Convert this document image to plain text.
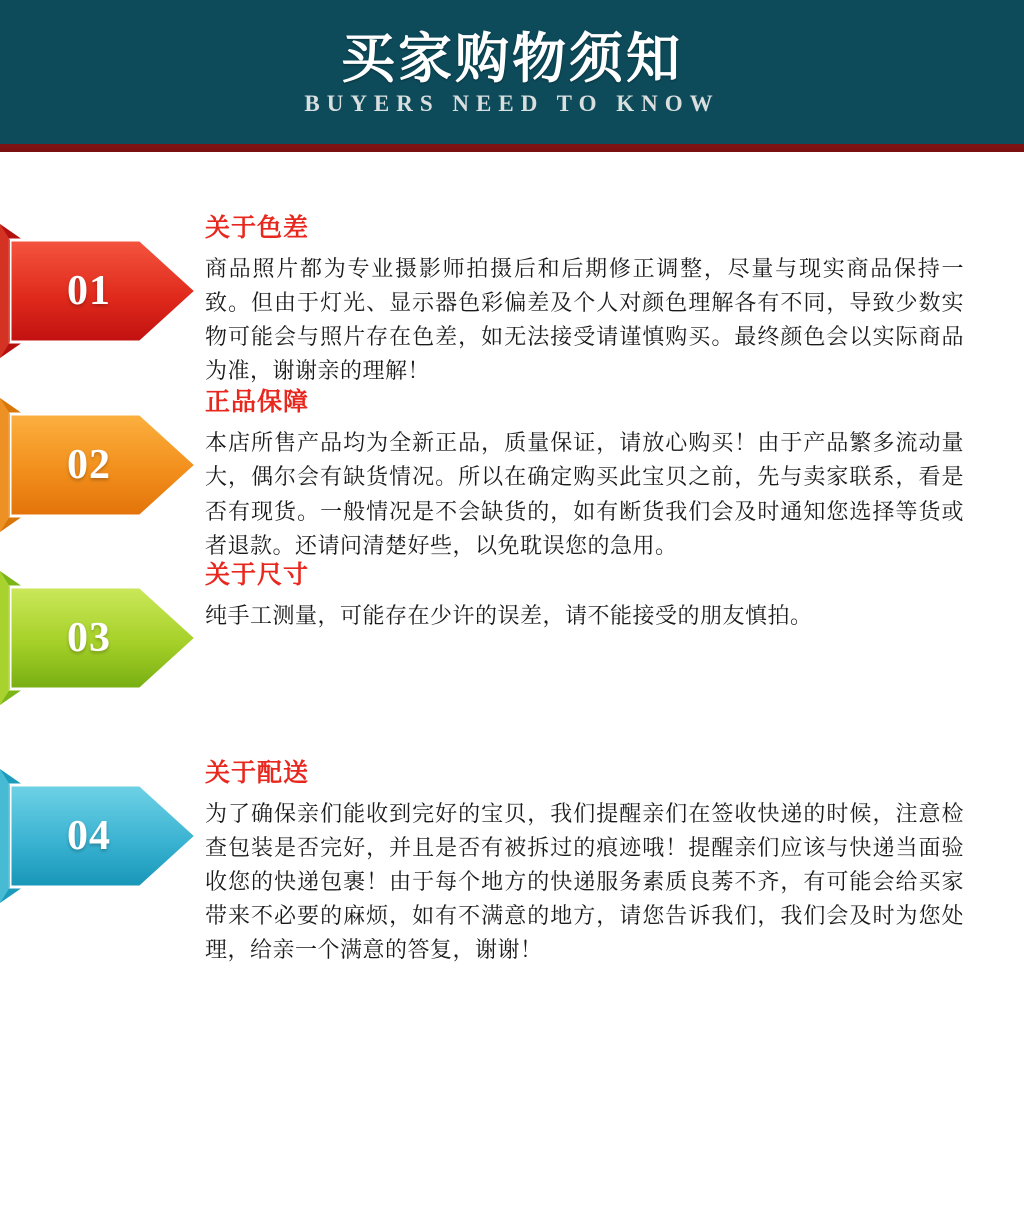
买家购物须知
BUYERS NEED TO KNOW
01
关于色差
商品照片都为专业摄影师拍摄后和后期修正调整，尽量与现实商品保持一致。但由于灯光、显示器色彩偏差及个人对颜色理解各有不同，导致少数实物可能会与照片存在色差，如无法接受请谨慎购买。最终颜色会以实际商品为准，谢谢亲的理解！
02
正品保障
本店所售产品均为全新正品，质量保证，请放心购买！由于产品繁多流动量大，偶尔会有缺货情况。所以在确定购买此宝贝之前，先与卖家联系，看是否有现货。一般情况是不会缺货的，如有断货我们会及时通知您选择等货或者退款。还请问清楚好些，以免耽误您的急用。
03
关于尺寸
纯手工测量，可能存在少许的误差，请不能接受的朋友慎拍。
04
关于配送
为了确保亲们能收到完好的宝贝，我们提醒亲们在签收快递的时候，注意检查包装是否完好，并且是否有被拆过的痕迹哦！提醒亲们应该与快递当面验收您的快递包裹！由于每个地方的快递服务素质良莠不齐，有可能会给买家带来不必要的麻烦，如有不满意的地方，请您告诉我们，我们会及时为您处理，给亲一个满意的答复，谢谢！
